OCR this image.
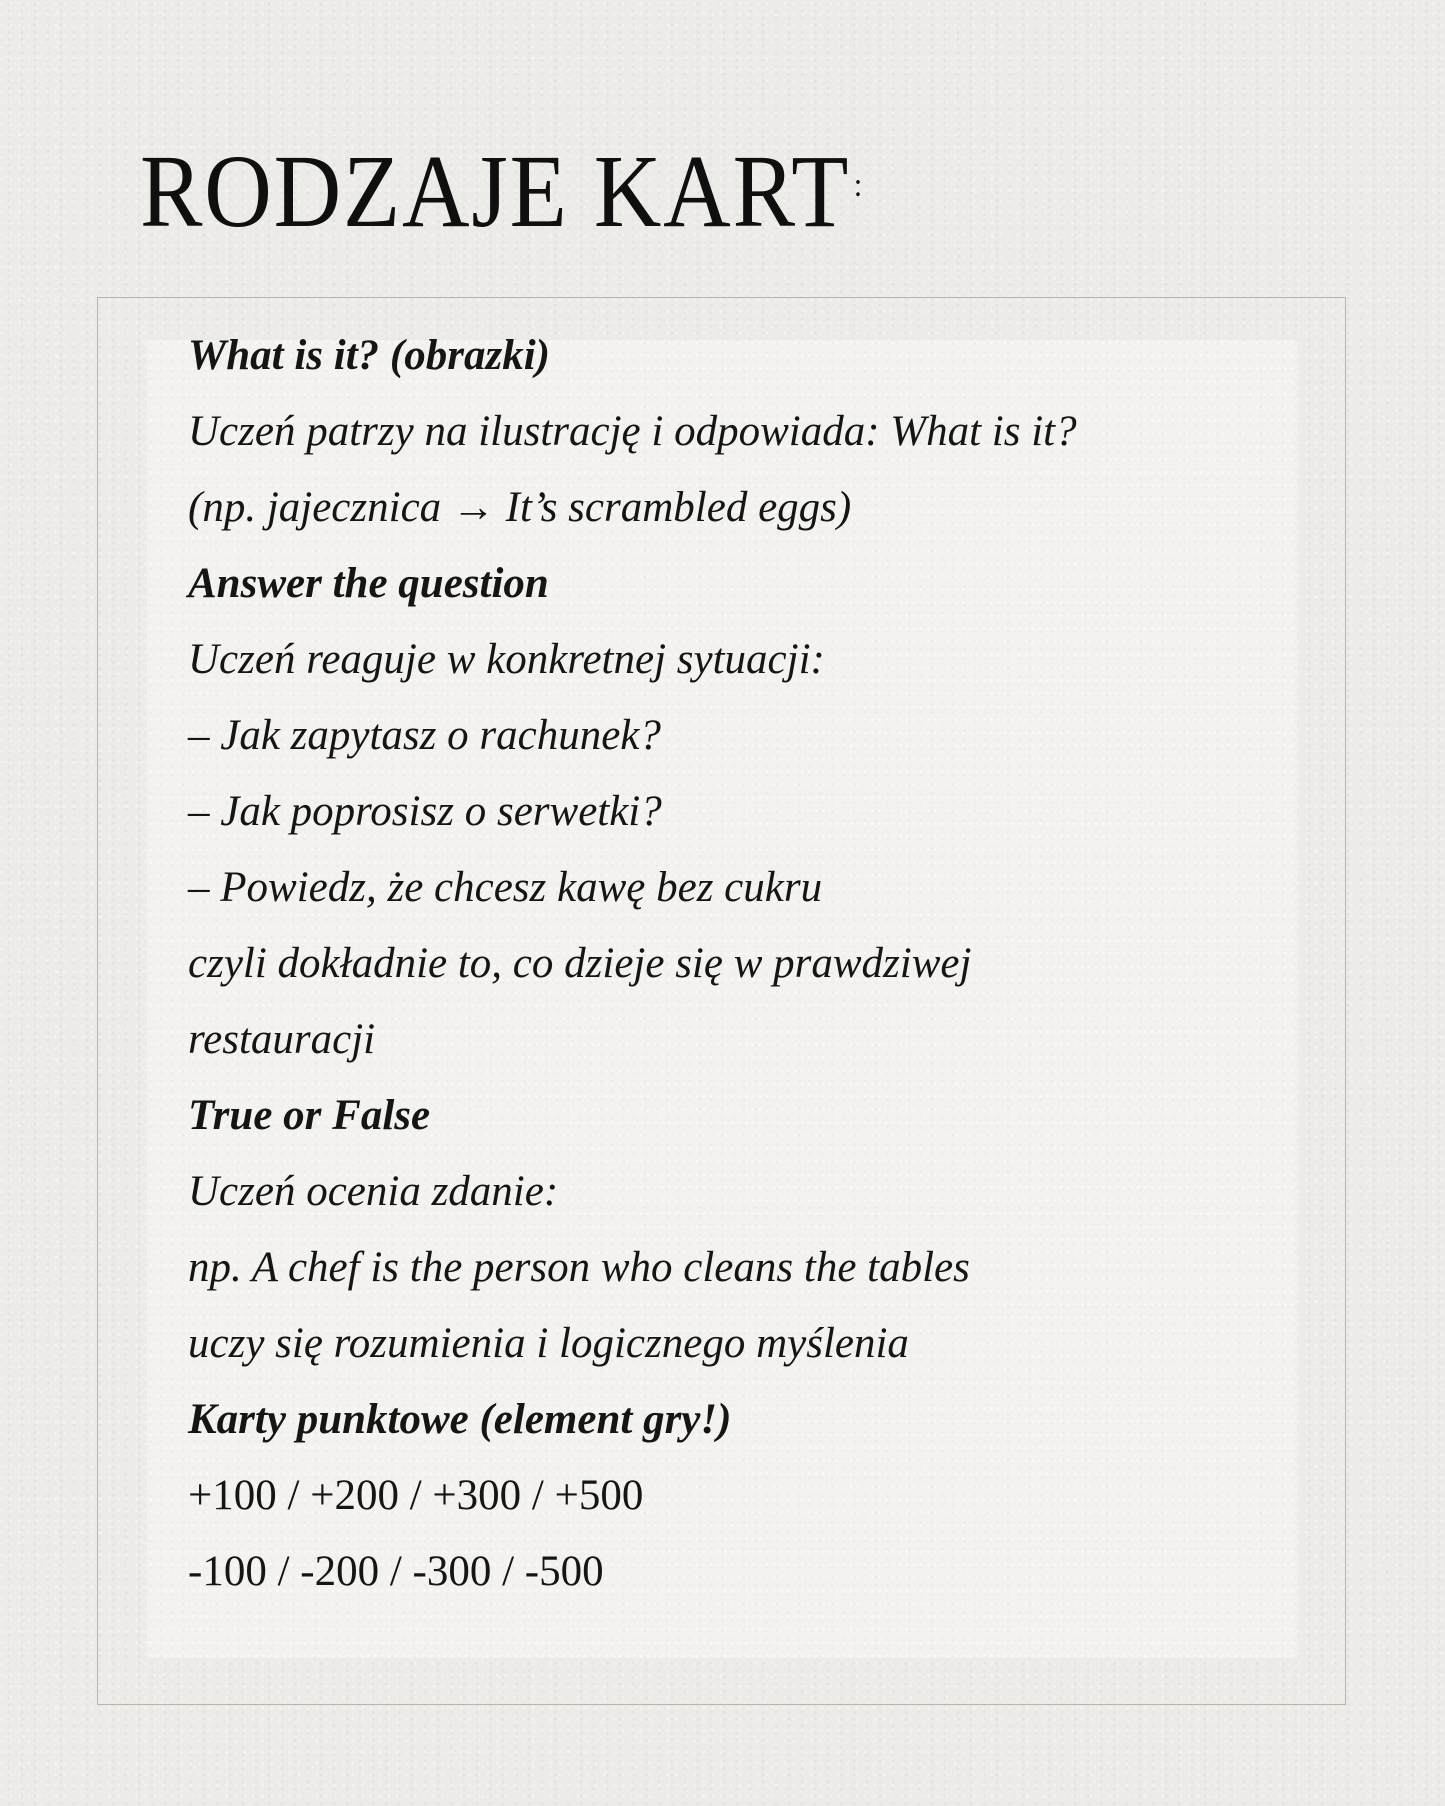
RODZAJE KART :

What is it? (obrazki)

Uczeń patrzy na ilustrację i odpowiada: What is it?

(np. jajecznica → It’s scrambled eggs)

Answer the question

Uczeń reaguje w konkretnej sytuacji:

– Jak zapytasz o rachunek?

– Jak poprosisz o serwetki?

– Powiedz, że chcesz kawę bez cukru

czyli dokładnie to, co dzieje się w prawdziwej

restauracji

True or False

Uczeń ocenia zdanie:

np. A chef is the person who cleans the tables

uczy się rozumienia i logicznego myślenia

Karty punktowe (element gry!)

+100 / +200 / +300 / +500

-100 / -200 / -300 / -500
